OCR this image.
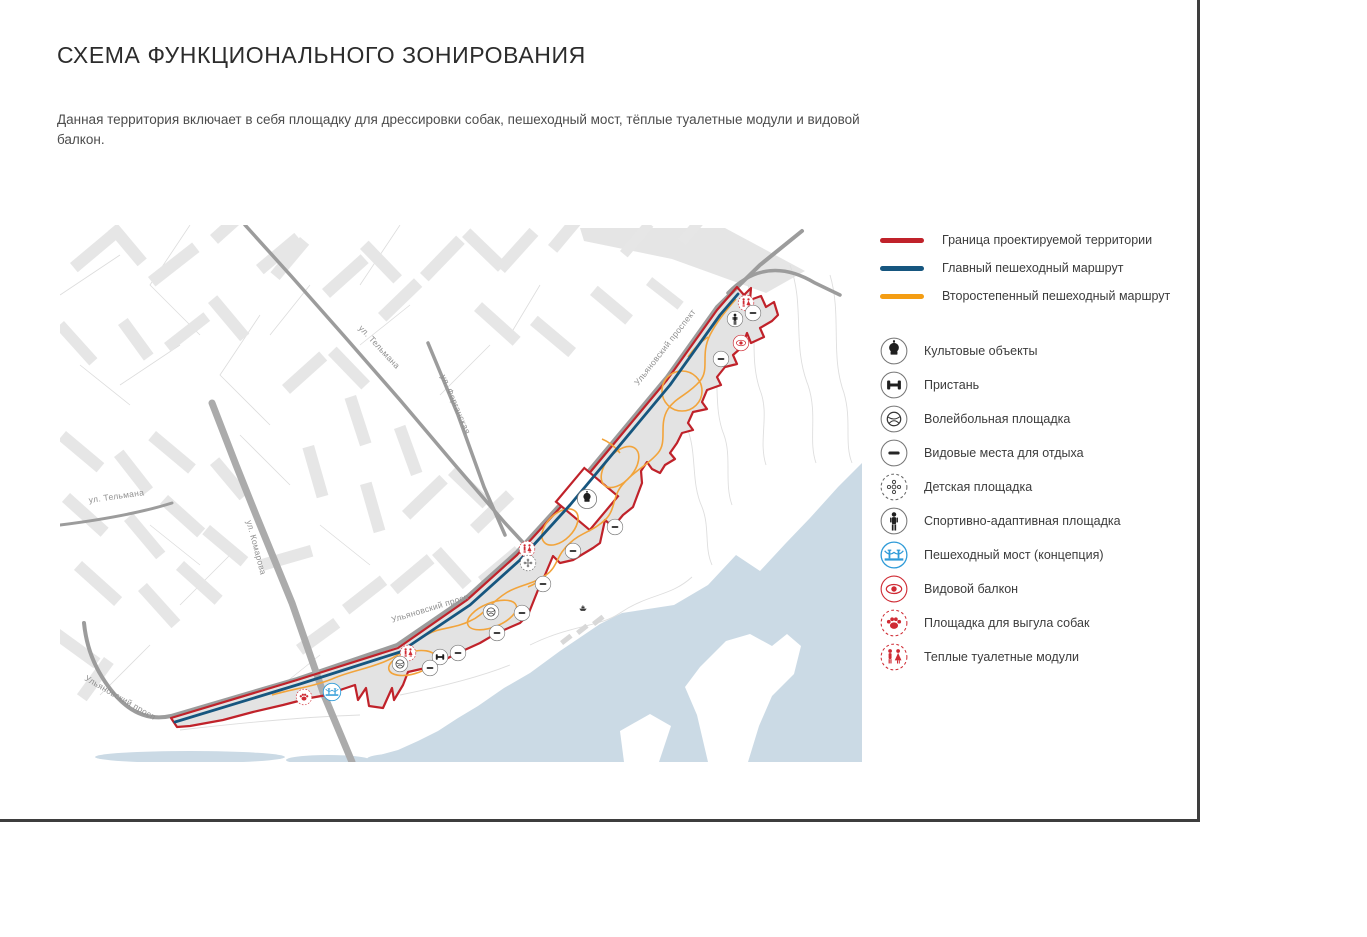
СХЕМА ФУНКЦИОНАЛЬНОГО ЗОНИРОВАНИЯ

Данная территория включает в себя площадку для дрессировки собак, пешеходный мост, тёплые туалетные модули и видовой балкон.

ул. Тельмана
ул. Тельмана
ул. Ферганская
ул. Комарова
Ульяновский проспект
Ульяновский просп
Ульяновский просп
Граница проектируемой территории
Главный пешеходный маршрут
Второстепенный пешеходный маршрут
Культовые объекты
Пристань
Волейбольная площадка
Видовые места для отдыха
Детская площадка
Спортивно-адаптивная площадка
Пешеходный мост (концепция)
Видовой балкон
Площадка для выгула собак
Теплые туалетные модули
